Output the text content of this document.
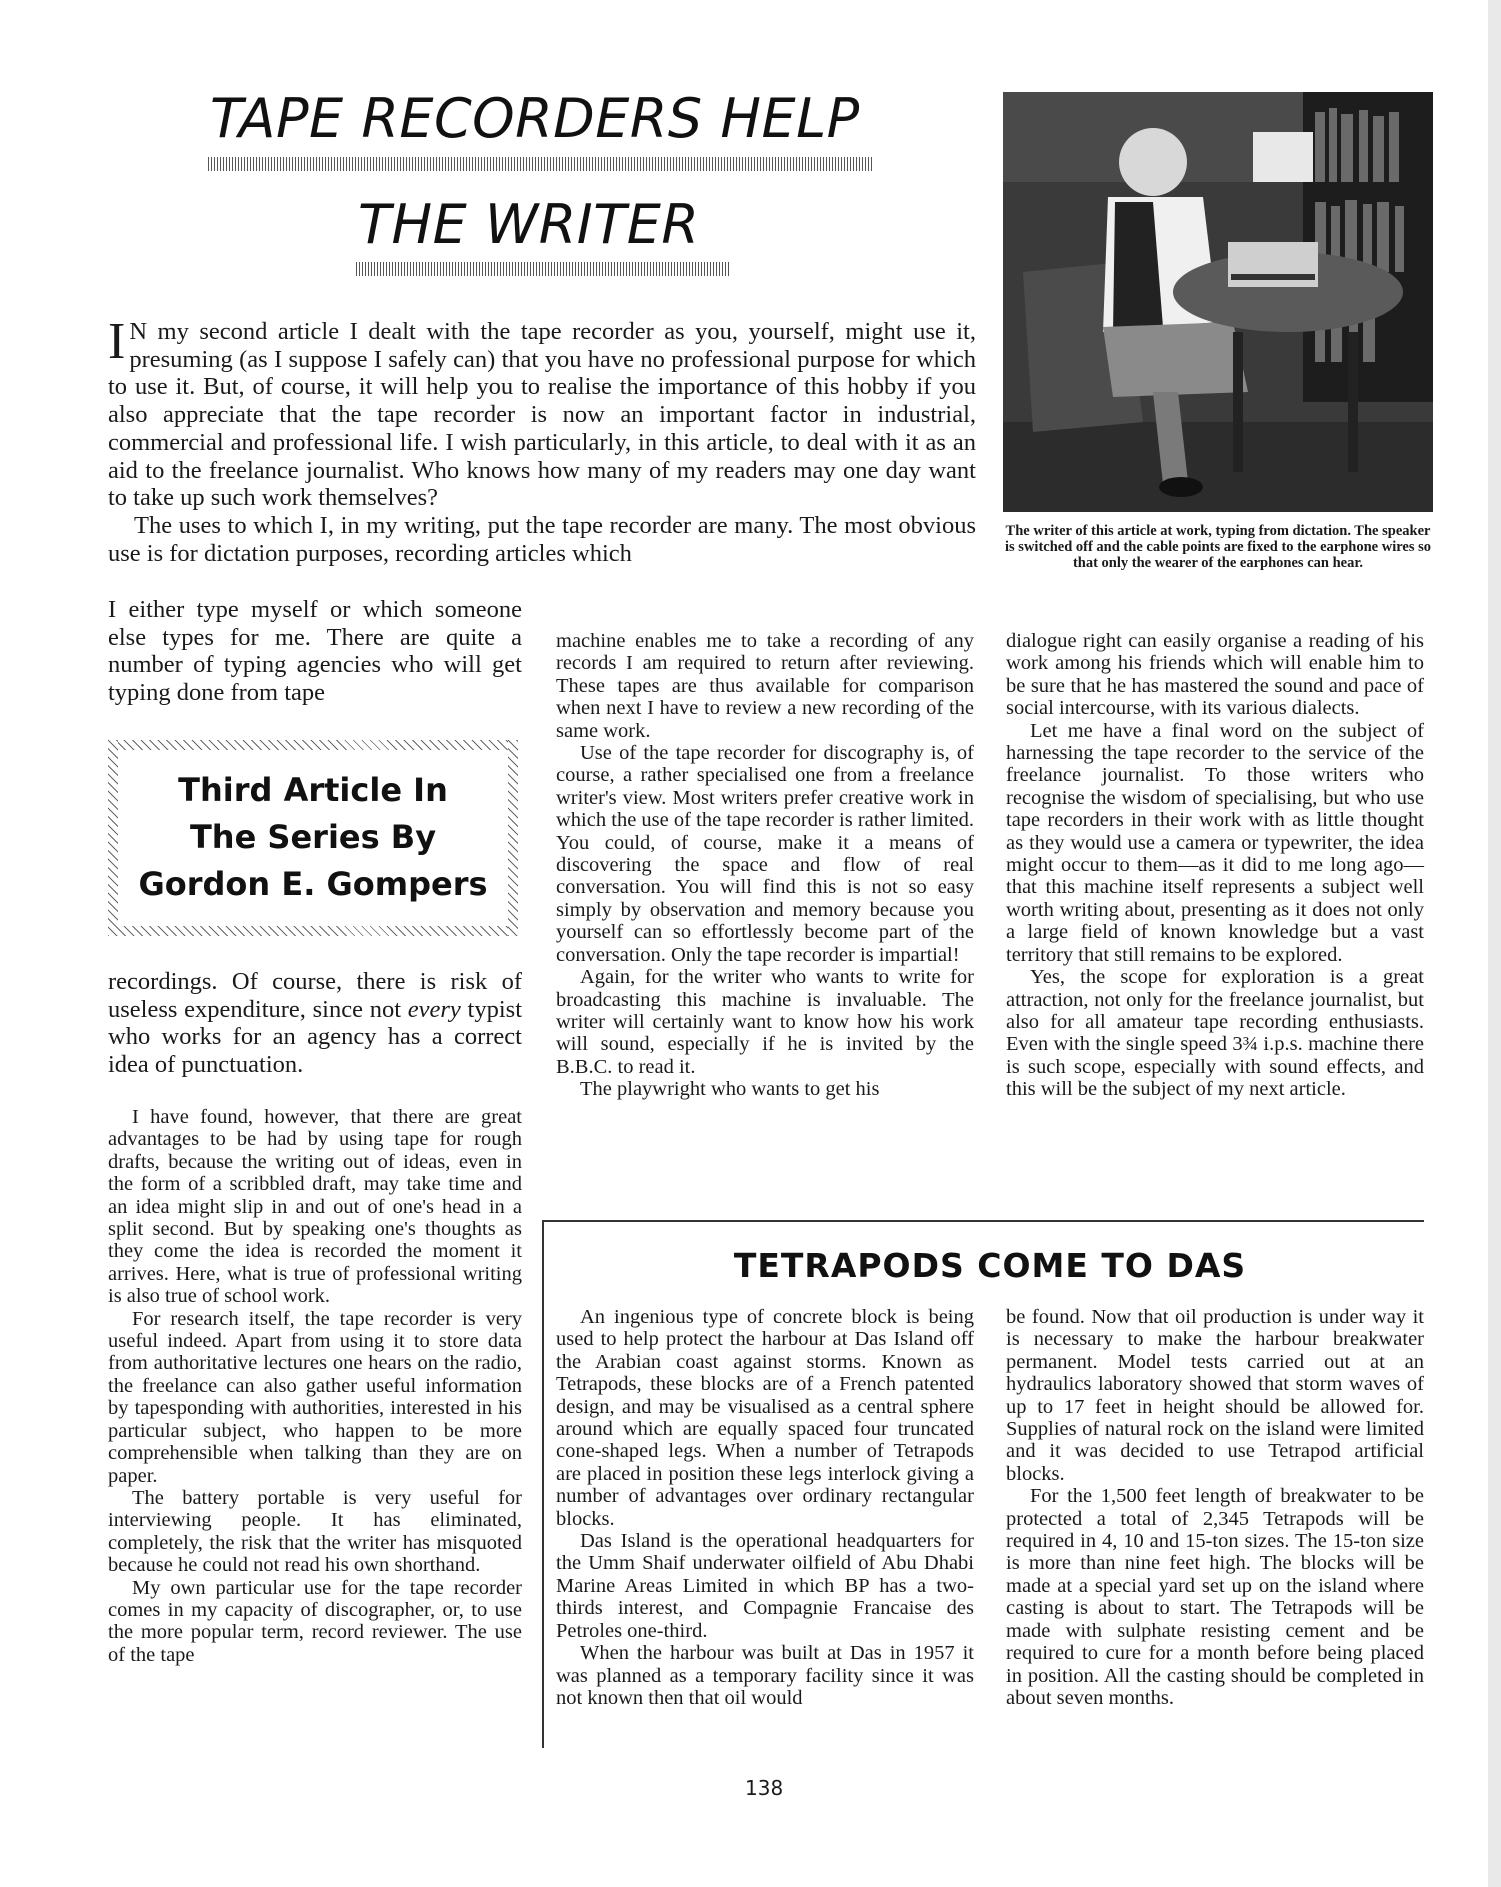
TAPE RECORDERS HELP
THE WRITER
The writer of this article at work, typing from dictation. The speaker is switched off and the cable points are fixed to the earphone wires so that only the wearer of the earphones can hear.

I N my second article I dealt with the tape recorder as you, yourself, might use it, presuming (as I suppose I safely can) that you have no professional purpose for which to use it. But, of course, it will help you to realise the importance of this hobby if you also appreciate that the tape recorder is now an important factor in industrial, commercial and professional life. I wish particularly, in this article, to deal with it as an aid to the freelance journalist. Who knows how many of my readers may one day want to take up such work themselves?

The uses to which I, in my writing, put the tape recorder are many. The most obvious use is for dictation purposes, recording articles which

I either type myself or which someone else types for me. There are quite a number of typing agencies who will get typing done from tape
Third Article In
The Series By
Gordon E. Gompers

recordings. Of course, there is risk of useless expenditure, since not every typist who works for an agency has a correct idea of punctuation.

I have found, however, that there are great advantages to be had by using tape for rough drafts, because the writing out of ideas, even in the form of a scribbled draft, may take time and an idea might slip in and out of one's head in a split second. But by speaking one's thoughts as they come the idea is recorded the moment it arrives. Here, what is true of professional writing is also true of school work.

For research itself, the tape recorder is very useful indeed. Apart from using it to store data from authoritative lectures one hears on the radio, the freelance can also gather useful information by tapesponding with authorities, interested in his particular subject, who happen to be more comprehensible when talking than they are on paper.

The battery portable is very useful for interviewing people. It has eliminated, completely, the risk that the writer has misquoted because he could not read his own shorthand.

My own particular use for the tape recorder comes in my capacity of discographer, or, to use the more popular term, record reviewer. The use of the tape

machine enables me to take a recording of any records I am required to return after reviewing. These tapes are thus available for comparison when next I have to review a new recording of the same work.

Use of the tape recorder for discography is, of course, a rather specialised one from a freelance writer's view. Most writers prefer creative work in which the use of the tape recorder is rather limited. You could, of course, make it a means of discovering the space and flow of real conversation. You will find this is not so easy simply by observation and memory because you yourself can so effortlessly become part of the conversation. Only the tape recorder is impartial!

Again, for the writer who wants to write for broadcasting this machine is invaluable. The writer will certainly want to know how his work will sound, especially if he is invited by the B.B.C. to read it.

The playwright who wants to get his

dialogue right can easily organise a reading of his work among his friends which will enable him to be sure that he has mastered the sound and pace of social intercourse, with its various dialects.

Let me have a final word on the subject of harnessing the tape recorder to the service of the freelance journalist. To those writers who recognise the wisdom of specialising, but who use tape recorders in their work with as little thought as they would use a camera or typewriter, the idea might occur to them—as it did to me long ago—that this machine itself represents a subject well worth writing about, presenting as it does not only a large field of known knowledge but a vast territory that still remains to be explored.

Yes, the scope for exploration is a great attraction, not only for the freelance journalist, but also for all amateur tape recording enthusiasts. Even with the single speed 3¾ i.p.s. machine there is such scope, especially with sound effects, and this will be the subject of my next article.

TETRAPODS COME TO DAS

An ingenious type of concrete block is being used to help protect the harbour at Das Island off the Arabian coast against storms. Known as Tetrapods, these blocks are of a French patented design, and may be visualised as a central sphere around which are equally spaced four truncated cone-shaped legs. When a number of Tetrapods are placed in position these legs interlock giving a number of advantages over ordinary rectangular blocks.

Das Island is the operational headquarters for the Umm Shaif underwater oilfield of Abu Dhabi Marine Areas Limited in which BP has a two-thirds interest, and Compagnie Francaise des Petroles one-third.

When the harbour was built at Das in 1957 it was planned as a temporary facility since it was not known then that oil would

be found. Now that oil production is under way it is necessary to make the harbour breakwater permanent. Model tests carried out at an hydraulics laboratory showed that storm waves of up to 17 feet in height should be allowed for. Supplies of natural rock on the island were limited and it was decided to use Tetrapod artificial blocks.

For the 1,500 feet length of breakwater to be protected a total of 2,345 Tetrapods will be required in 4, 10 and 15-ton sizes. The 15-ton size is more than nine feet high. The blocks will be made at a special yard set up on the island where casting is about to start. The Tetrapods will be made with sulphate resisting cement and be required to cure for a month before being placed in position. All the casting should be completed in about seven months.

138
